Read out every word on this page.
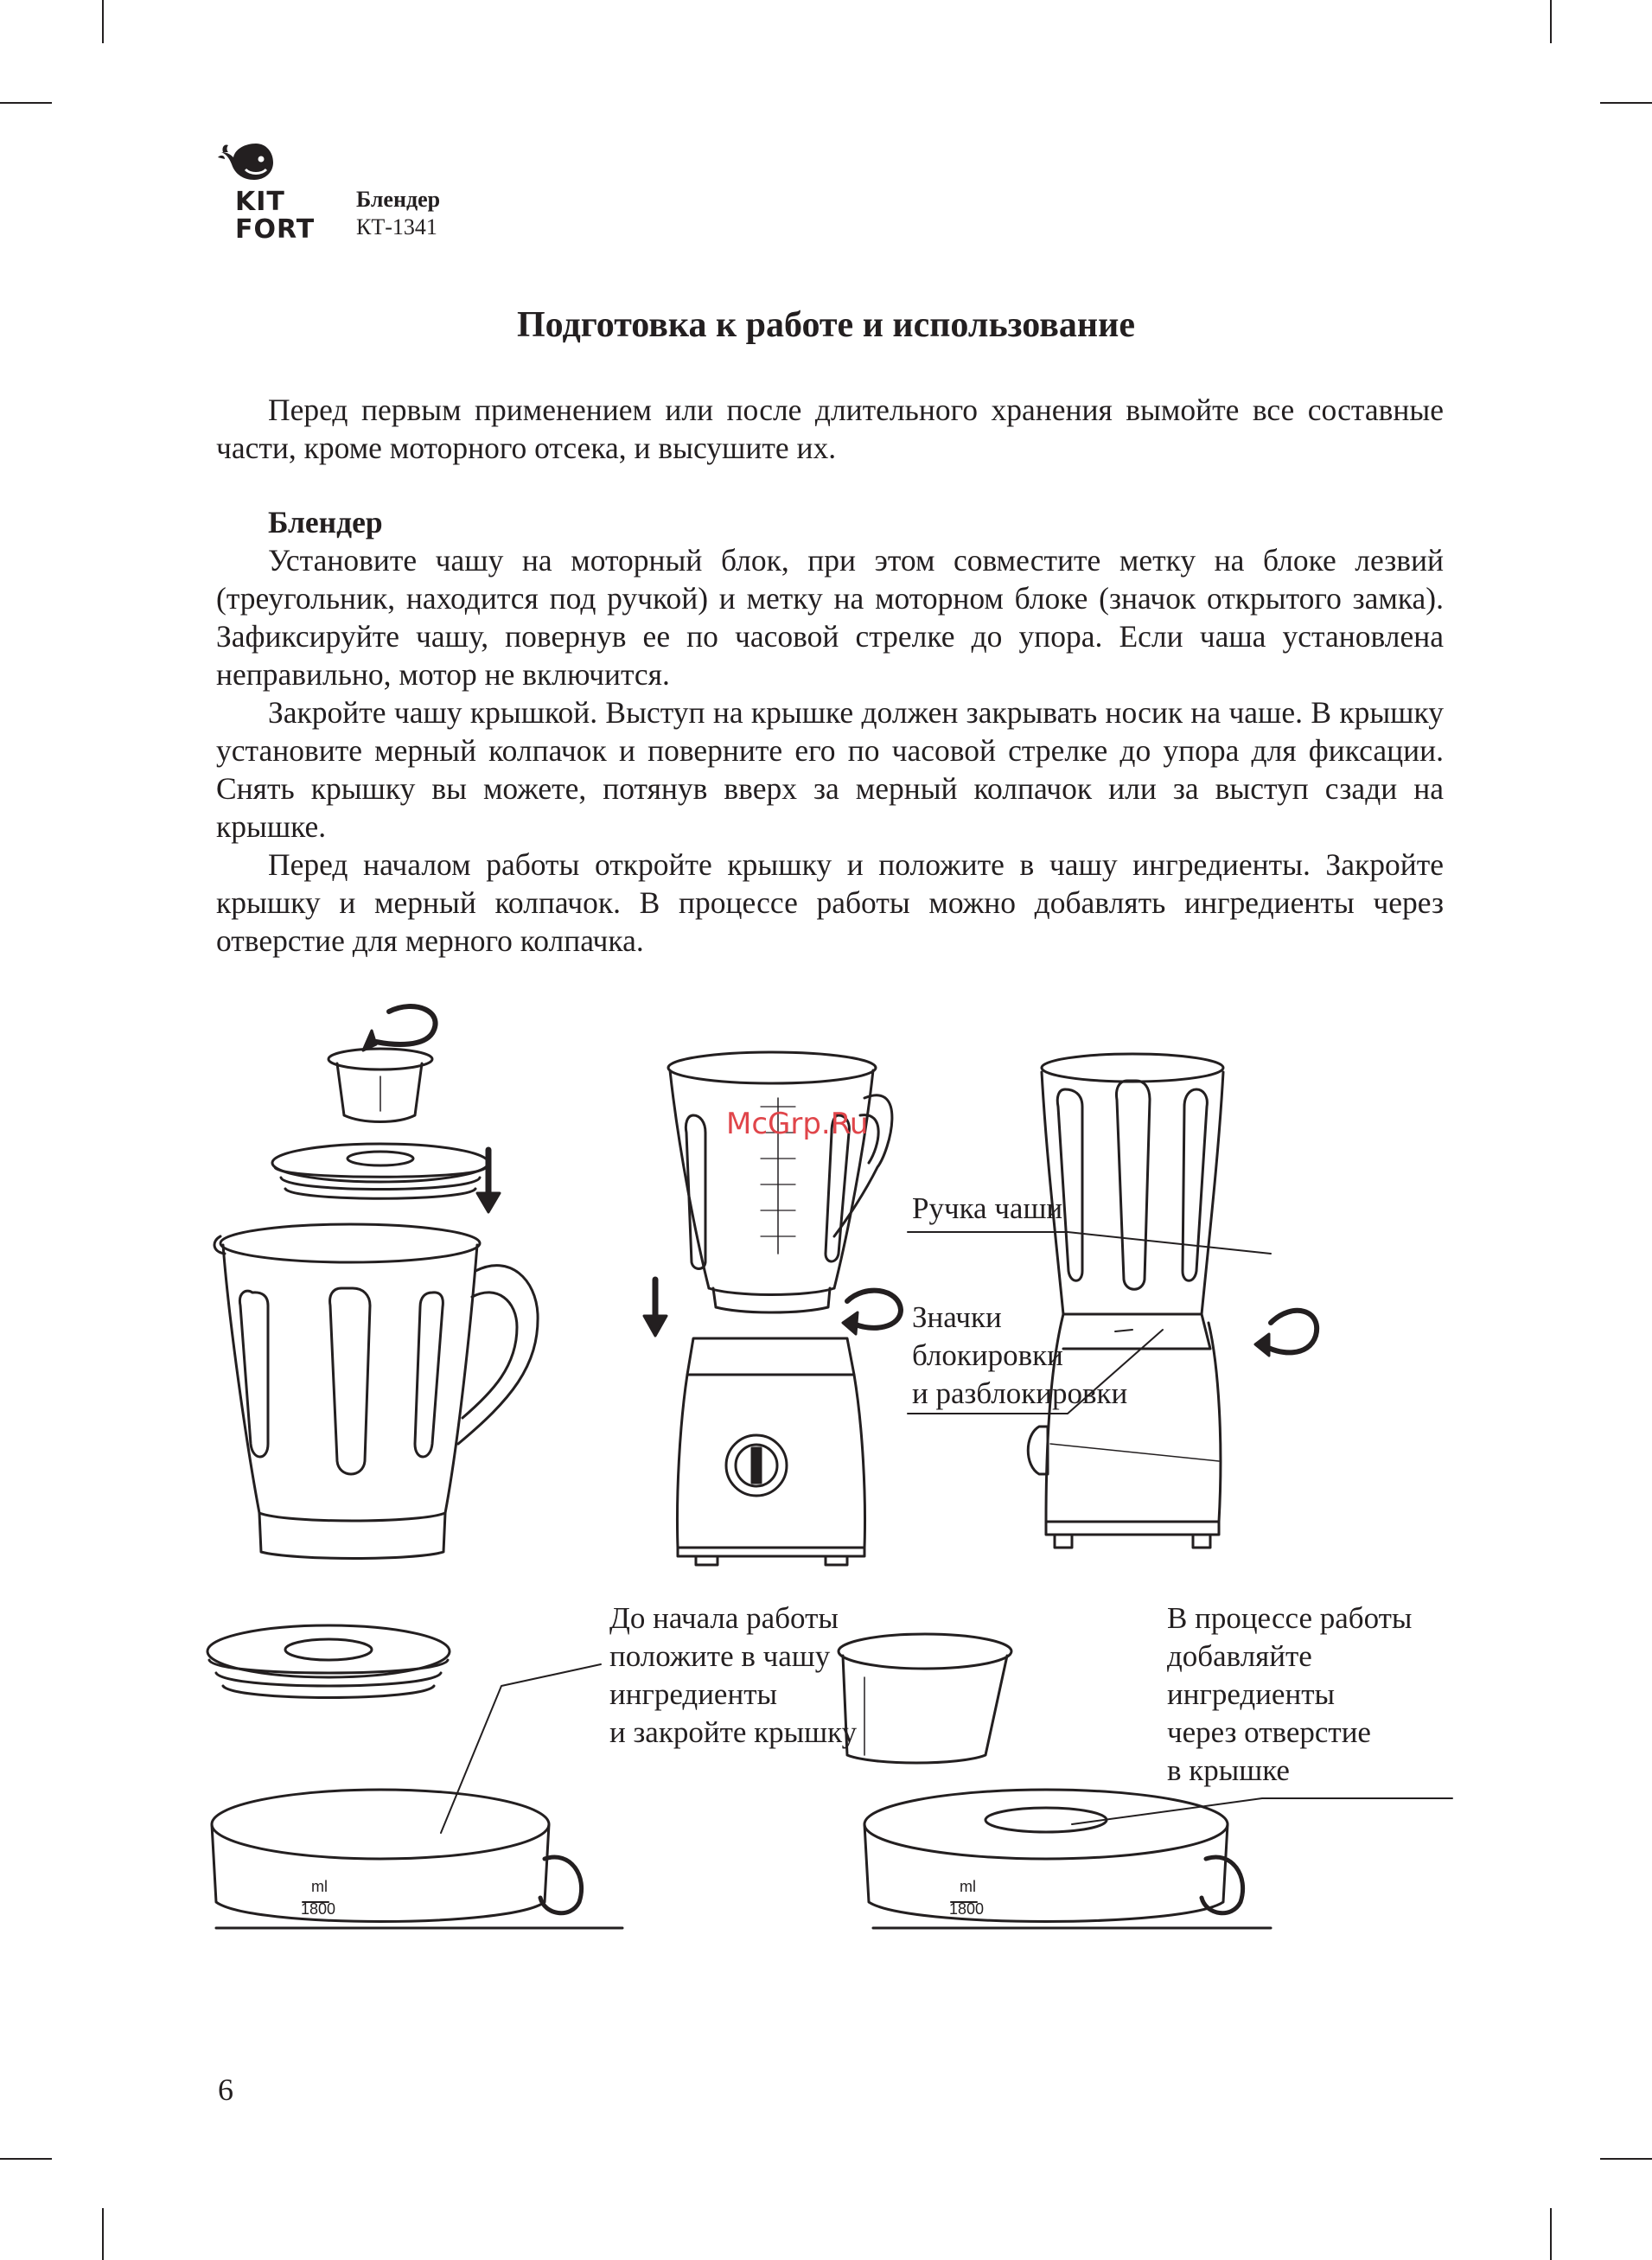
KIT
FORT
Блендер
КТ-1341
Подготовка к работе и использование

Перед первым применением или после длительного хранения вымойте все составные части, кроме моторного отсека, и высушите их.

Блендер

Установите чашу на моторный блок, при этом совместите метку на блоке лезвий (треугольник, находится под ручкой) и метку на моторном блоке (значок открытого замка). Зафиксируйте чашу, повернув ее по часовой стрелке до упора. Если чаша установлена неправильно, мотор не включится.

Закройте чашу крышкой. Выступ на крышке должен закрывать носик на чаше. В крышку установите мерный колпачок и поверните его по часовой стрелке до упора для фиксации. Снять крышку вы можете, потянув вверх за мерный колпачок или за выступ сзади на крышке.

Перед началом работы откройте крышку и положите в чашу ингредиенты. Закройте крышку и мерный колпачок. В процессе работы можно добавлять ингредиенты через отверстие для мерного колпачка.

ml
1800
ml
1800
McGrp.Ru
Ручка чаши
Значки
блокировки
и разблокировки
До начала работы
положите в чашу
ингредиенты
и закройте крышку
В процессе работы
добавляйте
ингредиенты
через отверстие
в крышке
6
